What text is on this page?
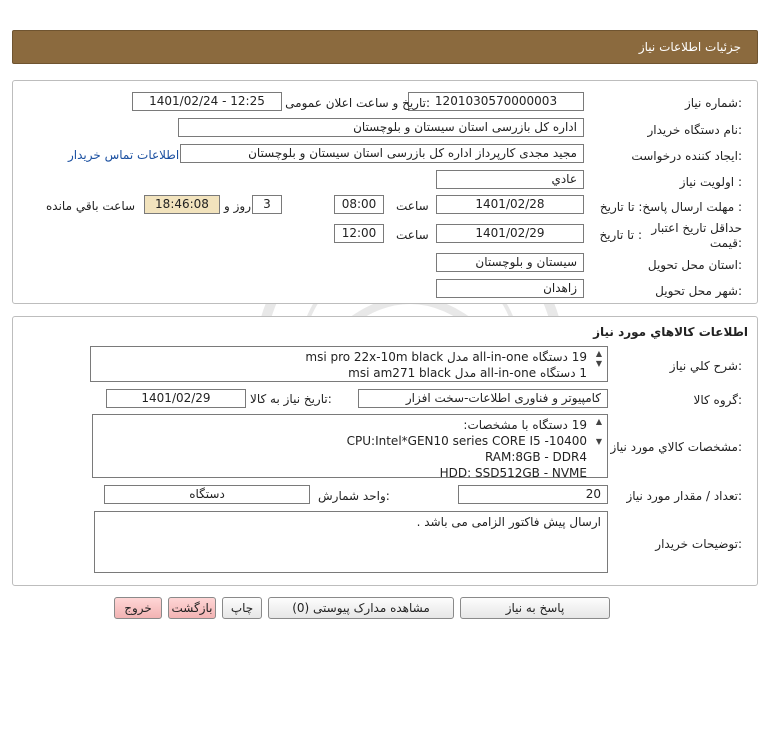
جزئیات اطلاعات نیاز
شماره نیاز:
1201030570000003
تاریخ و ساعت اعلان عمومی:
1401/02/24 - 12:25
نام دستگاه خریدار:
اداره کل بازرسی استان سیستان و بلوچستان
ایجاد کننده درخواست:
مجید مجدی کارپرداز اداره کل بازرسی استان سیستان و بلوچستان
اطلاعات تماس خریدار
اولویت نیاز :
عادي
مهلت ارسال پاسخ: تا تاریخ :
1401/02/28
ساعت
08:00
3
روز و
18:46:08
ساعت باقي مانده
حداقل تاریخ اعتبار
قیمت:
تا تاریخ :
1401/02/29
ساعت
12:00
استان محل تحویل:
سیستان و بلوچستان
شهر محل تحویل:
زاهدان
اطلاعات کالاهاي مورد نياز
شرح کلي نياز:
▲
▼
19 دستگاه all-in-one مدل msi pro 22x-10m black
1 دستگاه all-in-one مدل msi am271 black
گروه کالا:
کامپیوتر و فناوری اطلاعات-سخت افزار
تاریخ نیاز به کالا:
1401/02/29
مشخصات کالاي مورد نياز:
▲

▼
19 دستگاه با مشخصات:
CPU:Intel*GEN10 series CORE I5 -10400
RAM:8GB - DDR4
HDD: SSD512GB - NVME
تعداد / مقدار مورد نیاز:
20
واحد شمارش:
دستگاه
توضیحات خریدار:
ارسال پیش فاکتور الزامی می باشد .
پاسخ به نیاز
مشاهده مدارک پیوستی (0)
چاپ
بازگشت
خروج
